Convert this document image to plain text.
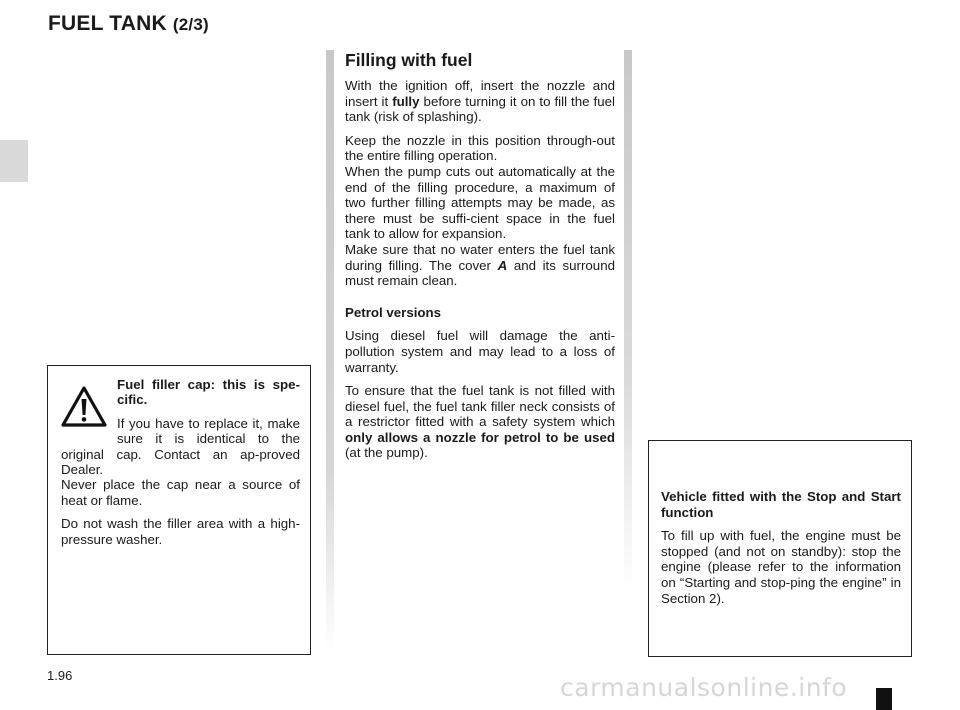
FUEL TANK (2/3)
Filling with fuel

With the ignition off, insert the nozzle and insert it fully before turning it on to fill the fuel tank (risk of splashing).

Keep the nozzle in this position through-out the entire filling operation.

When the pump cuts out automatically at the end of the filling procedure, a maximum of two further filling attempts may be made, as there must be suffi-cient space in the fuel tank to allow for expansion.

Make sure that no water enters the fuel tank during filling. The cover A and its surround must remain clean.

Petrol versions

Using diesel fuel will damage the anti-pollution system and may lead to a loss of warranty.

To ensure that the fuel tank is not filled with diesel fuel, the fuel tank filler neck consists of a restrictor fitted with a safety system which only allows a nozzle for petrol to be used (at the pump).

Fuel filler cap: this is spe-cific.

If you have to replace it, make sure it is identical to the original cap. Contact an ap-proved Dealer.

Never place the cap near a source of heat or flame.

Do not wash the filler area with a high-pressure washer.

Vehicle fitted with the Stop and Start function

To fill up with fuel, the engine must be stopped (and not on standby): stop the engine (please refer to the information on “Starting and stop-ping the engine” in Section 2).

1.96	carmanualsonline.info
